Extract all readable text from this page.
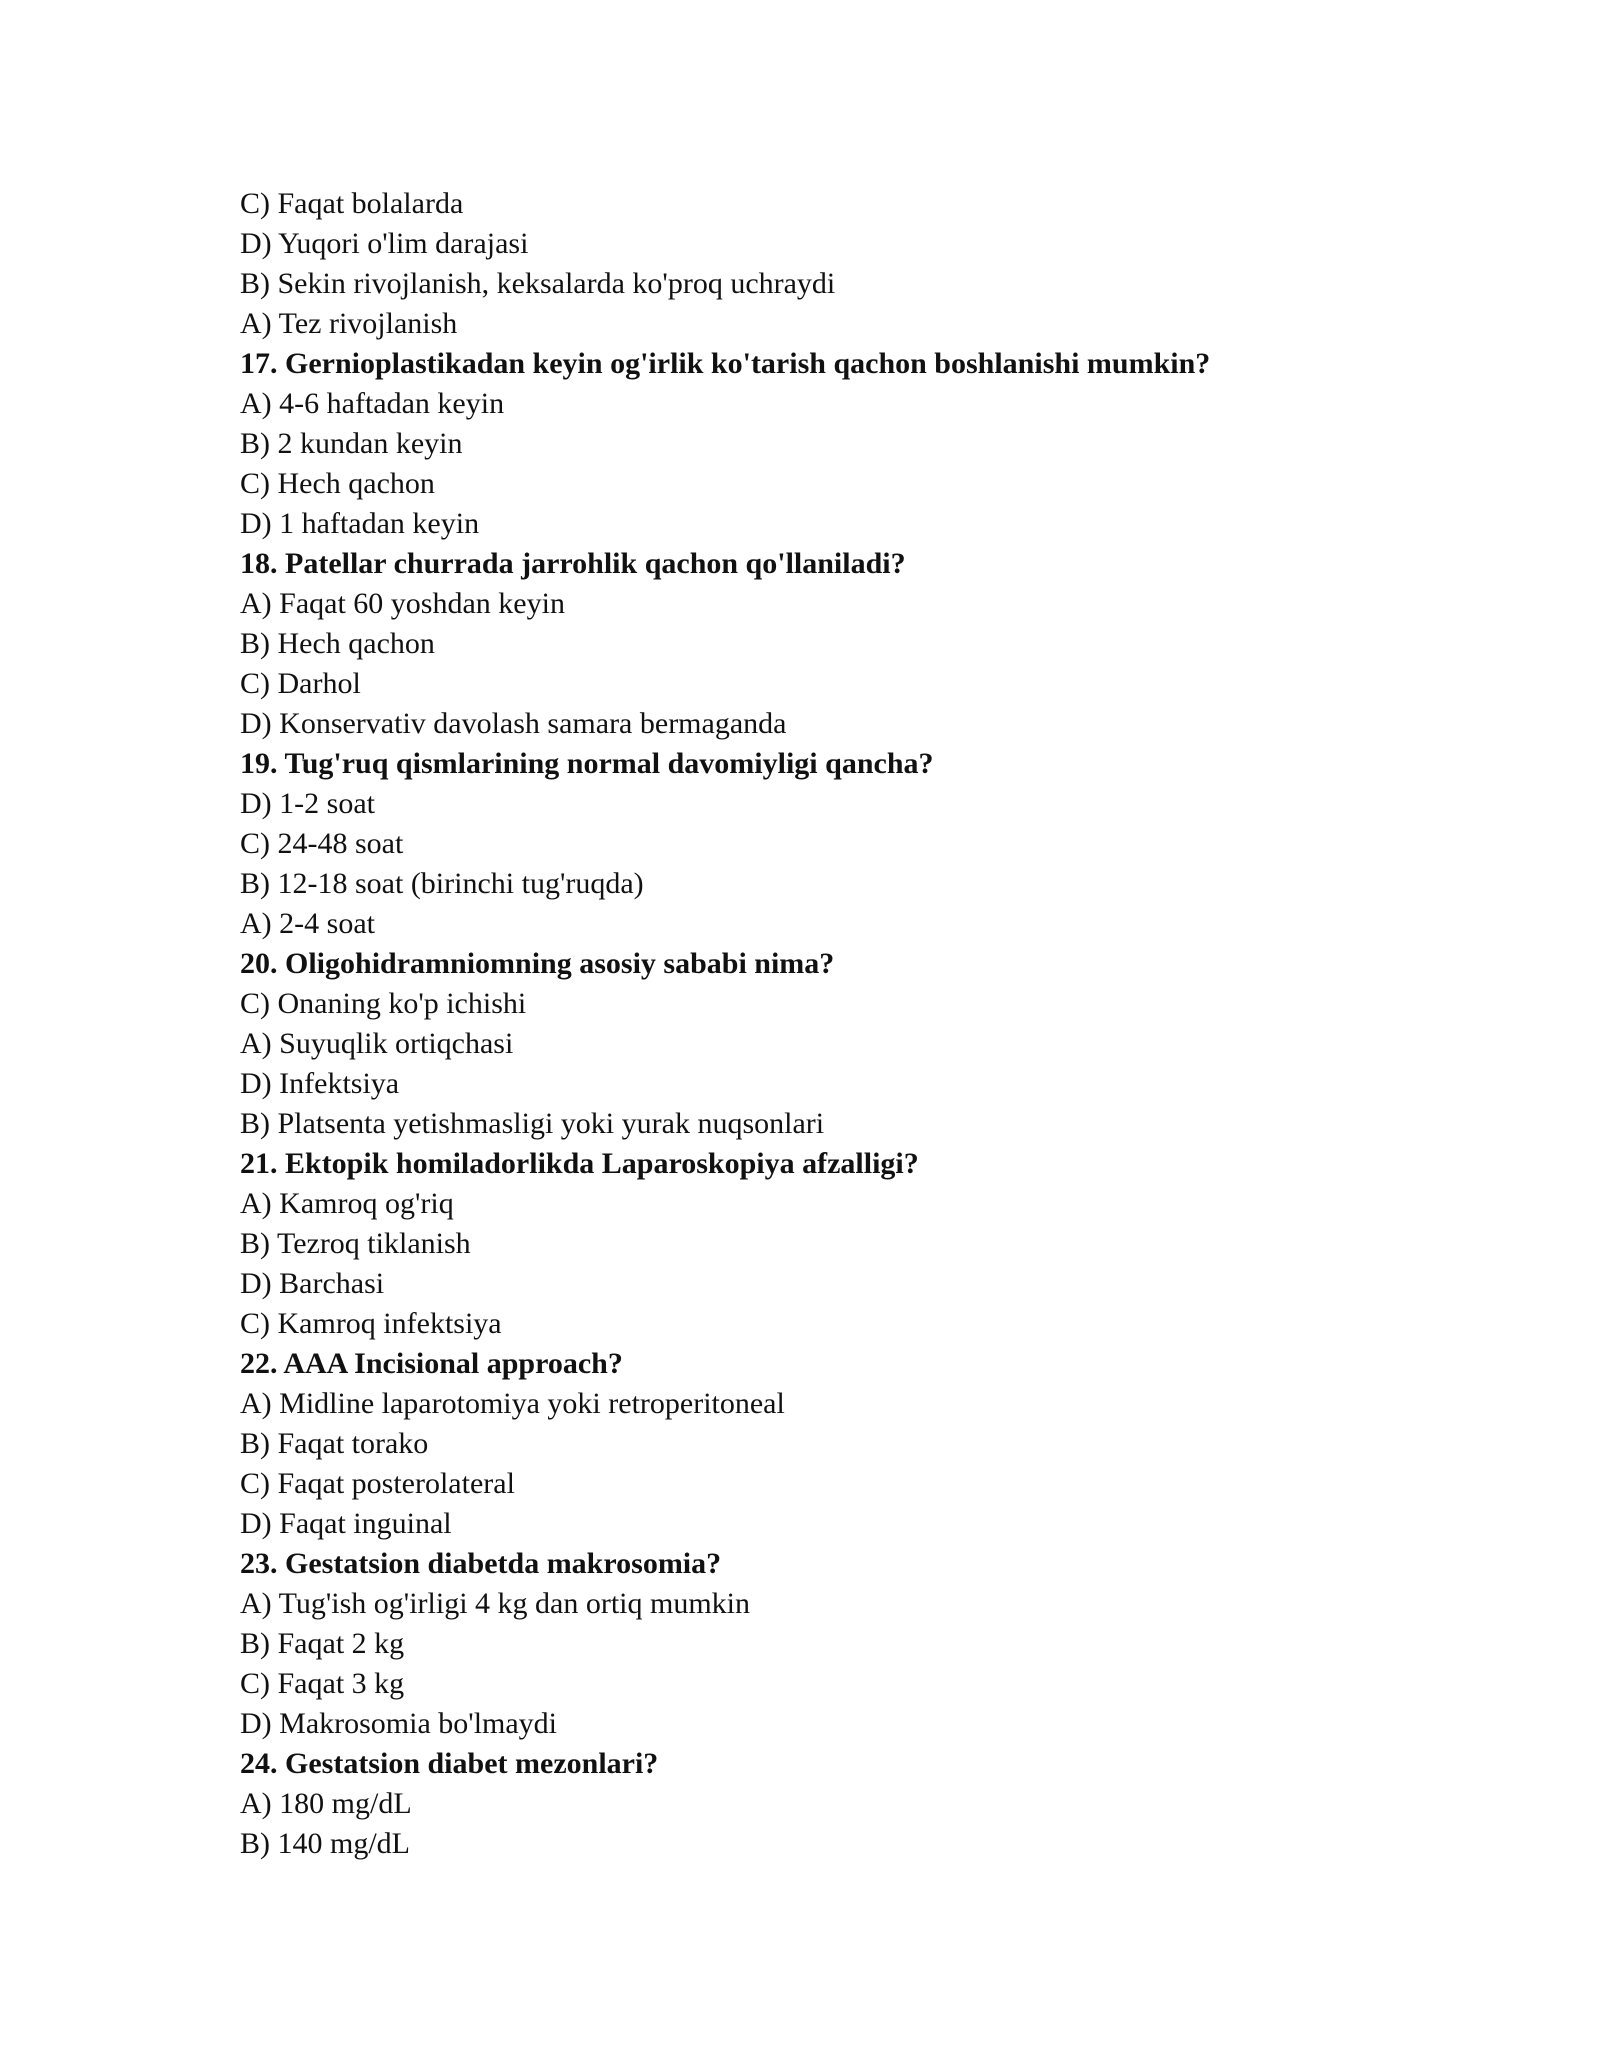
C) Faqat bolalarda
D) Yuqori o'lim darajasi
B) Sekin rivojlanish, keksalarda ko'proq uchraydi
A) Tez rivojlanish
17. Gernioplastikadan keyin og'irlik ko'tarish qachon boshlanishi mumkin?
A) 4-6 haftadan keyin
B) 2 kundan keyin
C) Hech qachon
D) 1 haftadan keyin
18. Patellar churrada jarrohlik qachon qo'llaniladi?
A) Faqat 60 yoshdan keyin
B) Hech qachon
C) Darhol
D) Konservativ davolash samara bermaganda
19. Tug'ruq qismlarining normal davomiyligi qancha?
D) 1-2 soat
C) 24-48 soat
B) 12-18 soat (birinchi tug'ruqda)
A) 2-4 soat
20. Oligohidramniomning asosiy sababi nima?
C) Onaning ko'p ichishi
A) Suyuqlik ortiqchasi
D) Infektsiya
B) Platsenta yetishmasligi yoki yurak nuqsonlari
21. Ektopik homiladorlikda Laparoskopiya afzalligi?
A) Kamroq og'riq
B) Tezroq tiklanish
D) Barchasi
C) Kamroq infektsiya
22. AAA Incisional approach?
A) Midline laparotomiya yoki retroperitoneal
B) Faqat torako
C) Faqat posterolateral
D) Faqat inguinal
23. Gestatsion diabetda makrosomia?
A) Tug'ish og'irligi 4 kg dan ortiq mumkin
B) Faqat 2 kg
C) Faqat 3 kg
D) Makrosomia bo'lmaydi
24. Gestatsion diabet mezonlari?
A) 180 mg/dL
B) 140 mg/dL
